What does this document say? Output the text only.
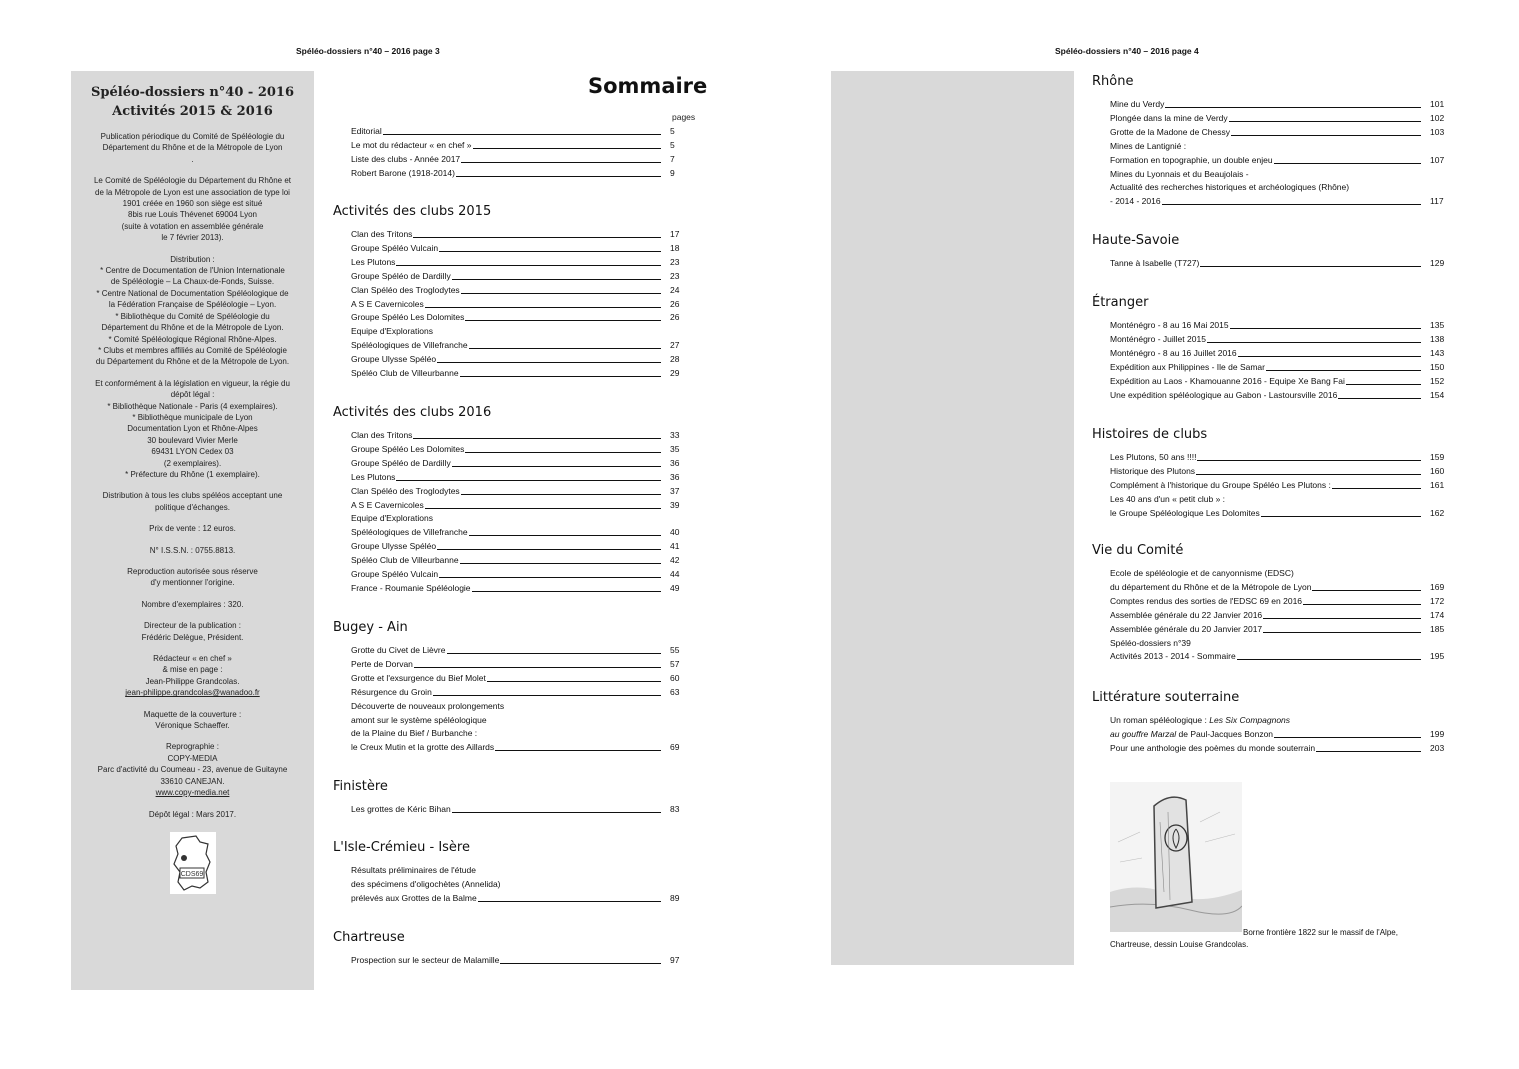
Spéléo-dossiers n°40 – 2016 page 3
Spéléo-dossiers n°40 - 2016
Activités 2015 & 2016
Publication périodique du Comité de Spéléologie du
Département du Rhône et de la Métropole de Lyon
.
Le Comité de Spéléologie du Département du Rhône et
de la Métropole de Lyon est une association de type loi
1901 créée en 1960 son siège est situé
8bis rue Louis Thévenet 69004 Lyon
(suite à votation en assemblée générale
le 7 février 2013).
Distribution :
* Centre de Documentation de l'Union Internationale
de Spéléologie – La Chaux-de-Fonds, Suisse.
* Centre National de Documentation Spéléologique de
la Fédération Française de Spéléologie – Lyon.
* Bibliothèque du Comité de Spéléologie du
Département du Rhône et de la Métropole de Lyon.
* Comité Spéléologique Régional Rhône-Alpes.
* Clubs et membres affiliés au Comité de Spéléologie
du Département du Rhône et de la Métropole de Lyon.
Et conformément à la législation en vigueur, la régie du
dépôt légal :
* Bibliothèque Nationale - Paris (4 exemplaires).
* Bibliothèque municipale de Lyon
Documentation Lyon et Rhône-Alpes
30 boulevard Vivier Merle
69431 LYON Cedex 03
(2 exemplaires).
* Préfecture du Rhône (1 exemplaire).
Distribution à tous les clubs spéléos acceptant une
politique d'échanges.
Prix de vente : 12 euros.
N° I.S.S.N. : 0755.8813.
Reproduction autorisée sous réserve
d'y mentionner l'origine.
Nombre d'exemplaires : 320.
Directeur de la publication :
Frédéric Delègue, Président.
Rédacteur « en chef »
& mise en page :
Jean-Philippe Grandcolas.
jean-philippe.grandcolas@wanadoo.fr
Maquette de la couverture :
Véronique Schaeffer.
Reprographie :
COPY-MEDIA
Parc d'activité du Coumeau - 23, avenue de Guitayne
33610 CANEJAN.
www.copy-media.net
Dépôt légal : Mars 2017.
CDS69
Sommaire
pages
Editorial	5
Le mot du rédacteur « en chef »	5
Liste des clubs - Année 2017	7
Robert Barone (1918-2014)	9
Activités des clubs 2015
Clan des Tritons	17
Groupe Spéléo Vulcain	18
Les Plutons	23
Groupe Spéléo de Dardilly	23
Clan Spéléo des Troglodytes	24
A S E Cavernicoles	26
Groupe Spéléo Les Dolomites	26
Equipe d'Explorations
Spéléologiques de Villefranche	27
Groupe Ulysse Spéléo	28
Spéléo Club de Villeurbanne	29
Activités des clubs 2016
Clan des Tritons	33
Groupe Spéléo Les Dolomites	35
Groupe Spéléo de Dardilly	36
Les Plutons	36
Clan Spéléo des Troglodytes	37
A S E Cavernicoles	39
Equipe d'Explorations
Spéléologiques de Villefranche	40
Groupe Ulysse Spéléo	41
Spéléo Club de Villeurbanne	42
Groupe Spéléo Vulcain	44
France - Roumanie Spéléologie	49
Bugey - Ain
Grotte du Civet de Lièvre	55
Perte de Dorvan	57
Grotte et l'exsurgence du Bief Molet	60
Résurgence du Groin	63
Découverte de nouveaux prolongements
amont sur le système spéléologique
de la Plaine du Bief / Burbanche :
le Creux Mutin et la grotte des Aillards	69
Finistère
Les grottes de Kéric Bihan	83
L'Isle-Crémieu - Isère
Résultats préliminaires de l'étude
des spécimens d'oligochètes (Annelida)
prélevés aux Grottes de la Balme	89
Chartreuse
Prospection sur le secteur de Malamille	97
Spéléo-dossiers n°40 – 2016 page 4
Rhône
Mine du Verdy	101
Plongée dans la mine de Verdy	102
Grotte de la Madone de Chessy	103
Mines de Lantignié :
Formation en topographie, un double enjeu	107
Mines du Lyonnais et du Beaujolais -
Actualité des recherches historiques et archéologiques (Rhône)
- 2014 - 2016	117
Haute-Savoie
Tanne à Isabelle (T727)	129
Étranger
Monténégro - 8 au 16 Mai 2015	135
Monténégro - Juillet 2015	138
Monténégro - 8 au 16 Juillet 2016	143
Expédition aux Philippines - Ile de Samar	150
Expédition au Laos - Khamouanne 2016 - Equipe Xe Bang Fai	152
Une expédition spéléologique au Gabon - Lastoursville 2016	154
Histoires de clubs
Les Plutons, 50 ans !!!!	159
Historique des Plutons	160
Complément à l'historique du Groupe Spéléo Les Plutons :	161
Les 40 ans d'un « petit club » :
le Groupe Spéléologique Les Dolomites	162
Vie du Comité
Ecole de spéléologie et de canyonnisme (EDSC)
du département du Rhône et de la Métropole de Lyon	169
Comptes rendus des sorties de l'EDSC 69 en 2016	172
Assemblée générale du 22 Janvier 2016	174
Assemblée générale du 20 Janvier 2017	185
Spéléo-dossiers n°39
Activités 2013 - 2014 - Sommaire	195
Littérature souterraine
Un roman spéléologique : Les Six Compagnons
au gouffre Marzal de Paul-Jacques Bonzon	199
Pour une anthologie des poèmes du monde souterrain	203
Borne frontière 1822 sur le massif de l'Alpe,
Chartreuse, dessin Louise Grandcolas.
